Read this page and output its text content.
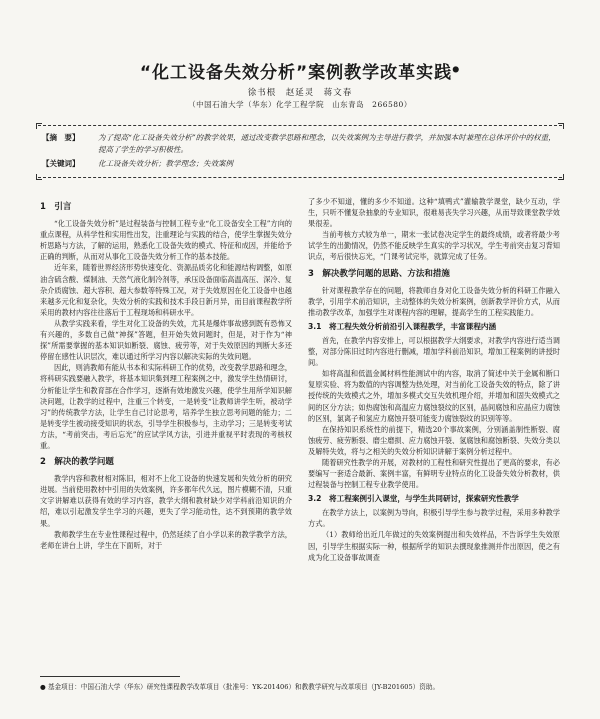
“化工设备失效分析”案例教学改革实践●
徐书根　赵延灵　蒋文春
（中国石油大学（华东）化学工程学院　山东青岛　266580）
【摘　要】	为了提高“化工设备失效分析”的教学效果，通过改变教学思路和理念，以失效案例为主导进行教学，并加强本时兼理在总体评价中的权重，提高了学生的学习积极性。
【关键词】	化工设备失效分析；教学理念；失效案例
1　引言

“化工设备失效分析”是过程装备与控制工程专业“化工设备安全工程”方向的重点课程，从科学性和实用性出发，注重理论与实践的结合，使学生掌握失效分析思路与方法，了解的运用，熟悉化工设备失效的模式、特征和成因，并能给予正确的判断，从而对从事化工设备失效分析工作的基本技能。

近年来，随着世界经济形势快速变化、资源品质劣化和能源结构调整，如原油含硫含酸、煤制油、天然气液化制冷剂等，承压设备面临高温高压、深冷、复杂介质腐蚀、超大容积、超大参数等特殊工况，对于失效原因在化工设备中也越来越多元化和复杂化，失效分析的实践和技术手段日新月异，而目前课程教学所采用的教材内容往往落后于工程现场和科研水平。

从教学实践来看，学生对化工设备的失效，尤其是爆炸事故感到既有恐怖又有兴趣的，多数自己做“神探”答题，但开始失效问题时，但是，对于作为“神探”所需要掌握的基本知识如断裂、腐蚀、疲劳等，对于失效原因的判断大多还停留在感性认识层次，难以通过所学习内容以解决实际的失效问题。

因此，则消教师有能从书本和实际科研工作的优势，改变教学思路和理念，将科研实践要融入教学，将基本知识集到理工程案例之中，激发学生热情研讨，分析能让学生和教育部在合作学习，逐渐有效地激发兴趣，使学生用所学知识解决问题，让教学的过程中，注重三个转变，一是转变“让教师讲学生听，被动学习”的传统教学方法，让学生自己讨论思考，培养学生独立思考问题的能力；二是转变学生被动接受知识的状态，引导学生积极参与，主动学习；三是转变考试方法，“考前突击，考后忘光”的应试学风方法，引进并重视平时表现的考核权重。

2　解决的教学问题

教学内容和教材相对陈旧，相对不上化工设备的快速发展和失效分析的研究进展。当前使用教材中引用的失效案例，许多都年代久远，图片模糊不清，只重文字讲解难以获得有效的学习内容，教学大纲和教材缺少对学科前沿知识的介绍，难以引起激发学生学习的兴趣，更失了学习能动性，达不到预期的教学效果。

教师教学生在专业性课程过程中，仍然延续了自小学以来的教学教学方法，老师在讲台上讲，学生在下面听，对于

了多少不知道，懂的多少不知道。这种“填鸭式”灌输教学课堂，缺少互动，学生，只听不懂复杂抽象的专业知识，很难易丧失学习兴趣，从而导致课堂教学效果很差。

当前考核方式较为单一，期末一张试卷决定学生的最终成绩，或者将最少考试学生的出勤情况，仍然不能反映学生真实的学习状况，学生考前突击复习背知识点，考后很快忘光，“门课考试完毕，就算完成了任务。

3　解决教学问题的思路、方法和措施

针对课程教学存在的问题，将教师自身对化工设备失效分析的科研工作融入教学，引用学术前沿知识，主动整体的失效分析案例，创新教学评价方式，从而推动教学改革，加强学生对课程内容的理解，提高学生的工程实践能力。

3.1　将工程失效分析前沿引入课程教学，丰富课程内涵

首先，在教学内容安排上，可以根据教学大纲要求，对教学内容进行适当调整，对部分陈旧过时内容进行删减，增加学科前沿知识，增加工程案例的讲授时间。

如将高温和低温金属材料性能测试中的内容，取消了简述中关于金属和断口复原实验、将为数值的内容调整为热处理，对当前化工设备失效的特点，除了讲授传统的失效模式之外，增加多模式交互失效机理介绍，并增加和固失效模式之间的区分方法；如热腐蚀和高温应力腐蚀裂纹的区别，晶间腐蚀和应晶应力腐蚀的区别，氯离子和氢应力腐蚀开裂可能变力腐蚀裂纹的识别等等。

在保持知识系统性的前提下，精选20个事故案例，分别涵盖制性断裂、腐蚀疲劳、疲劳断裂、磨尘磨损、应力腐蚀开裂、氢腐蚀和腐蚀断裂、失效分类以及解特失效，将与之相关的失效分析知识讲解于案例分析过程中。

随着研究性教学的开展，对教材的工程性和研究性提出了更高的要求，有必要编写一套适合最新、案例丰富，有鲜明专业特点的化工设备失效分析教材，供过程装备与控制工程专业教学使用。

3.2　将工程案例引入课堂，与学生共同研讨，探索研究性教学

在教学方法上，以案例为导向，积极引导学生参与教学过程，采用多种教学方式。

（1）教师给出近几年做过的失效案例提出和失效样品，不告诉学生失效原因，引导学生根据实际一种，根据所学的知识去撰现象推测并作出原因，使之有成为化工设备事故调查

● 基金项目：中国石油大学（华东）研究性课程教学改革项目（批准号：YK-201406）和教教学研究与改革项目（JY-B201605）资助。
